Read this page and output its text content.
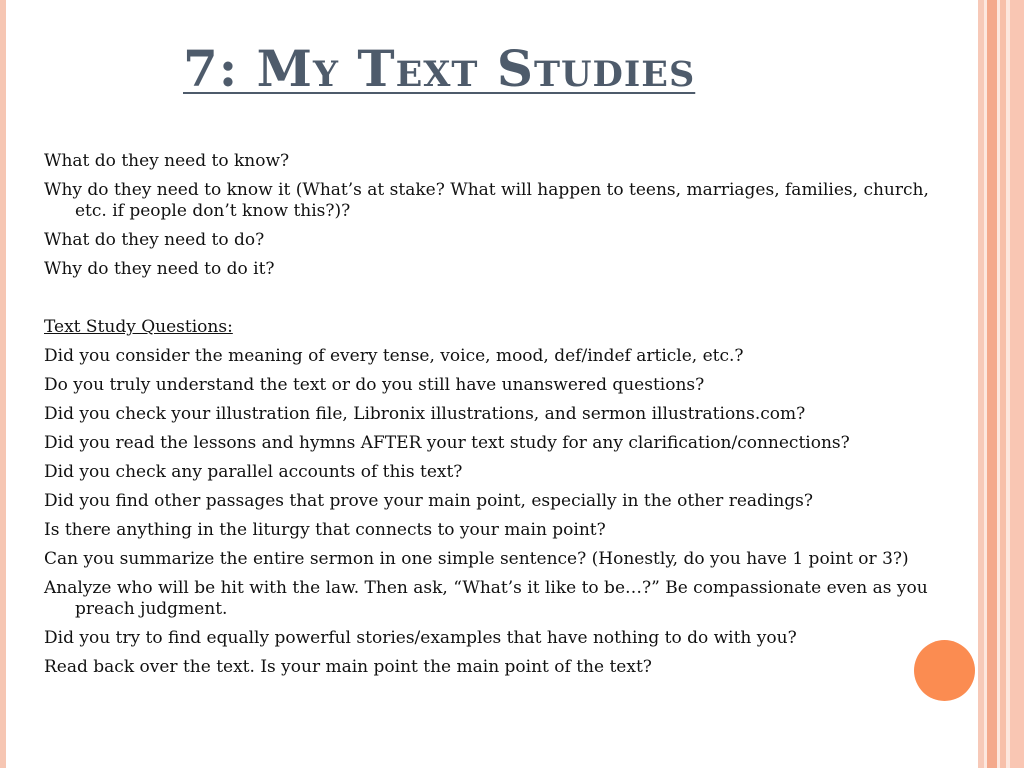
7: My Text Studies

What do they need to know?

Why do they need to know it (What’s at stake? What will happen to teens, marriages, families, church, etc. if people don’t know this?)?

What do they need to do?

Why do they need to do it?

Text Study Questions:

Did you consider the meaning of every tense, voice, mood, def/indef article, etc.?

Do you truly understand the text or do you still have unanswered questions?

Did you check your illustration file, Libronix illustrations, and sermon illustrations.com?

Did you read the lessons and hymns AFTER your text study for any clarification/connections?

Did you check any parallel accounts of this text?

Did you find other passages that prove your main point, especially in the other readings?

Is there anything in the liturgy that connects to your main point?

Can you summarize the entire sermon in one simple sentence? (Honestly, do you have 1 point or 3?)

Analyze who will be hit with the law. Then ask, “What’s it like to be…?” Be compassionate even as you preach judgment.

Did you try to find equally powerful stories/examples that have nothing to do with you?

Read back over the text. Is your main point the main point of the text?
